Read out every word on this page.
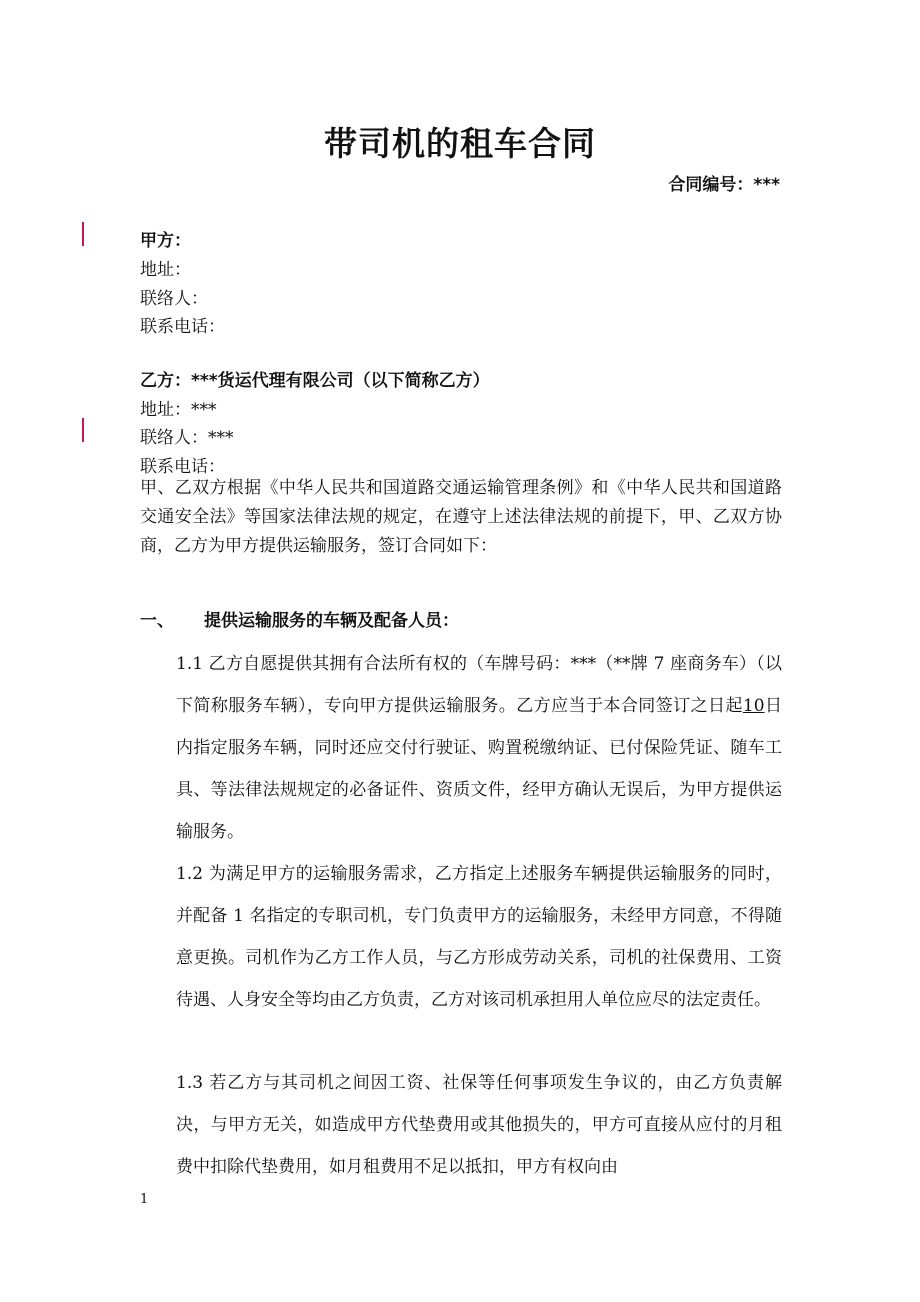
带司机的租车合同
合同编号：***
甲方：
地址：
联络人：
联系电话：
乙方：***货运代理有限公司（以下简称乙方）
地址：***
联络人：***
联系电话：
甲、乙双方根据《中华人民共和国道路交通运输管理条例》和《中华人民共和国道路交通安全法》等国家法律法规的规定，在遵守上述法律法规的前提下，甲、乙双方协商，乙方为甲方提供运输服务，签订合同如下：
一、 提供运输服务的车辆及配备人员：
1.1 乙方自愿提供其拥有合法所有权的（车牌号码：***（**牌 7 座商务车）（以下简称服务车辆），专向甲方提供运输服务。乙方应当于本合同签订之日起10日内指定服务车辆，同时还应交付行驶证、购置税缴纳证、已付保险凭证、随车工具、等法律法规规定的必备证件、资质文件，经甲方确认无误后，为甲方提供运输服务。
1.2 为满足甲方的运输服务需求，乙方指定上述服务车辆提供运输服务的同时，并配备 1 名指定的专职司机，专门负责甲方的运输服务，未经甲方同意，不得随意更换。司机作为乙方工作人员，与乙方形成劳动关系，司机的社保费用、工资待遇、人身安全等均由乙方负责，乙方对该司机承担用人单位应尽的法定责任。
1.3 若乙方与其司机之间因工资、社保等任何事项发生争议的，由乙方负责解决，与甲方无关，如造成甲方代垫费用或其他损失的，甲方可直接从应付的月租费中扣除代垫费用，如月租费用不足以抵扣，甲方有权向由
1
